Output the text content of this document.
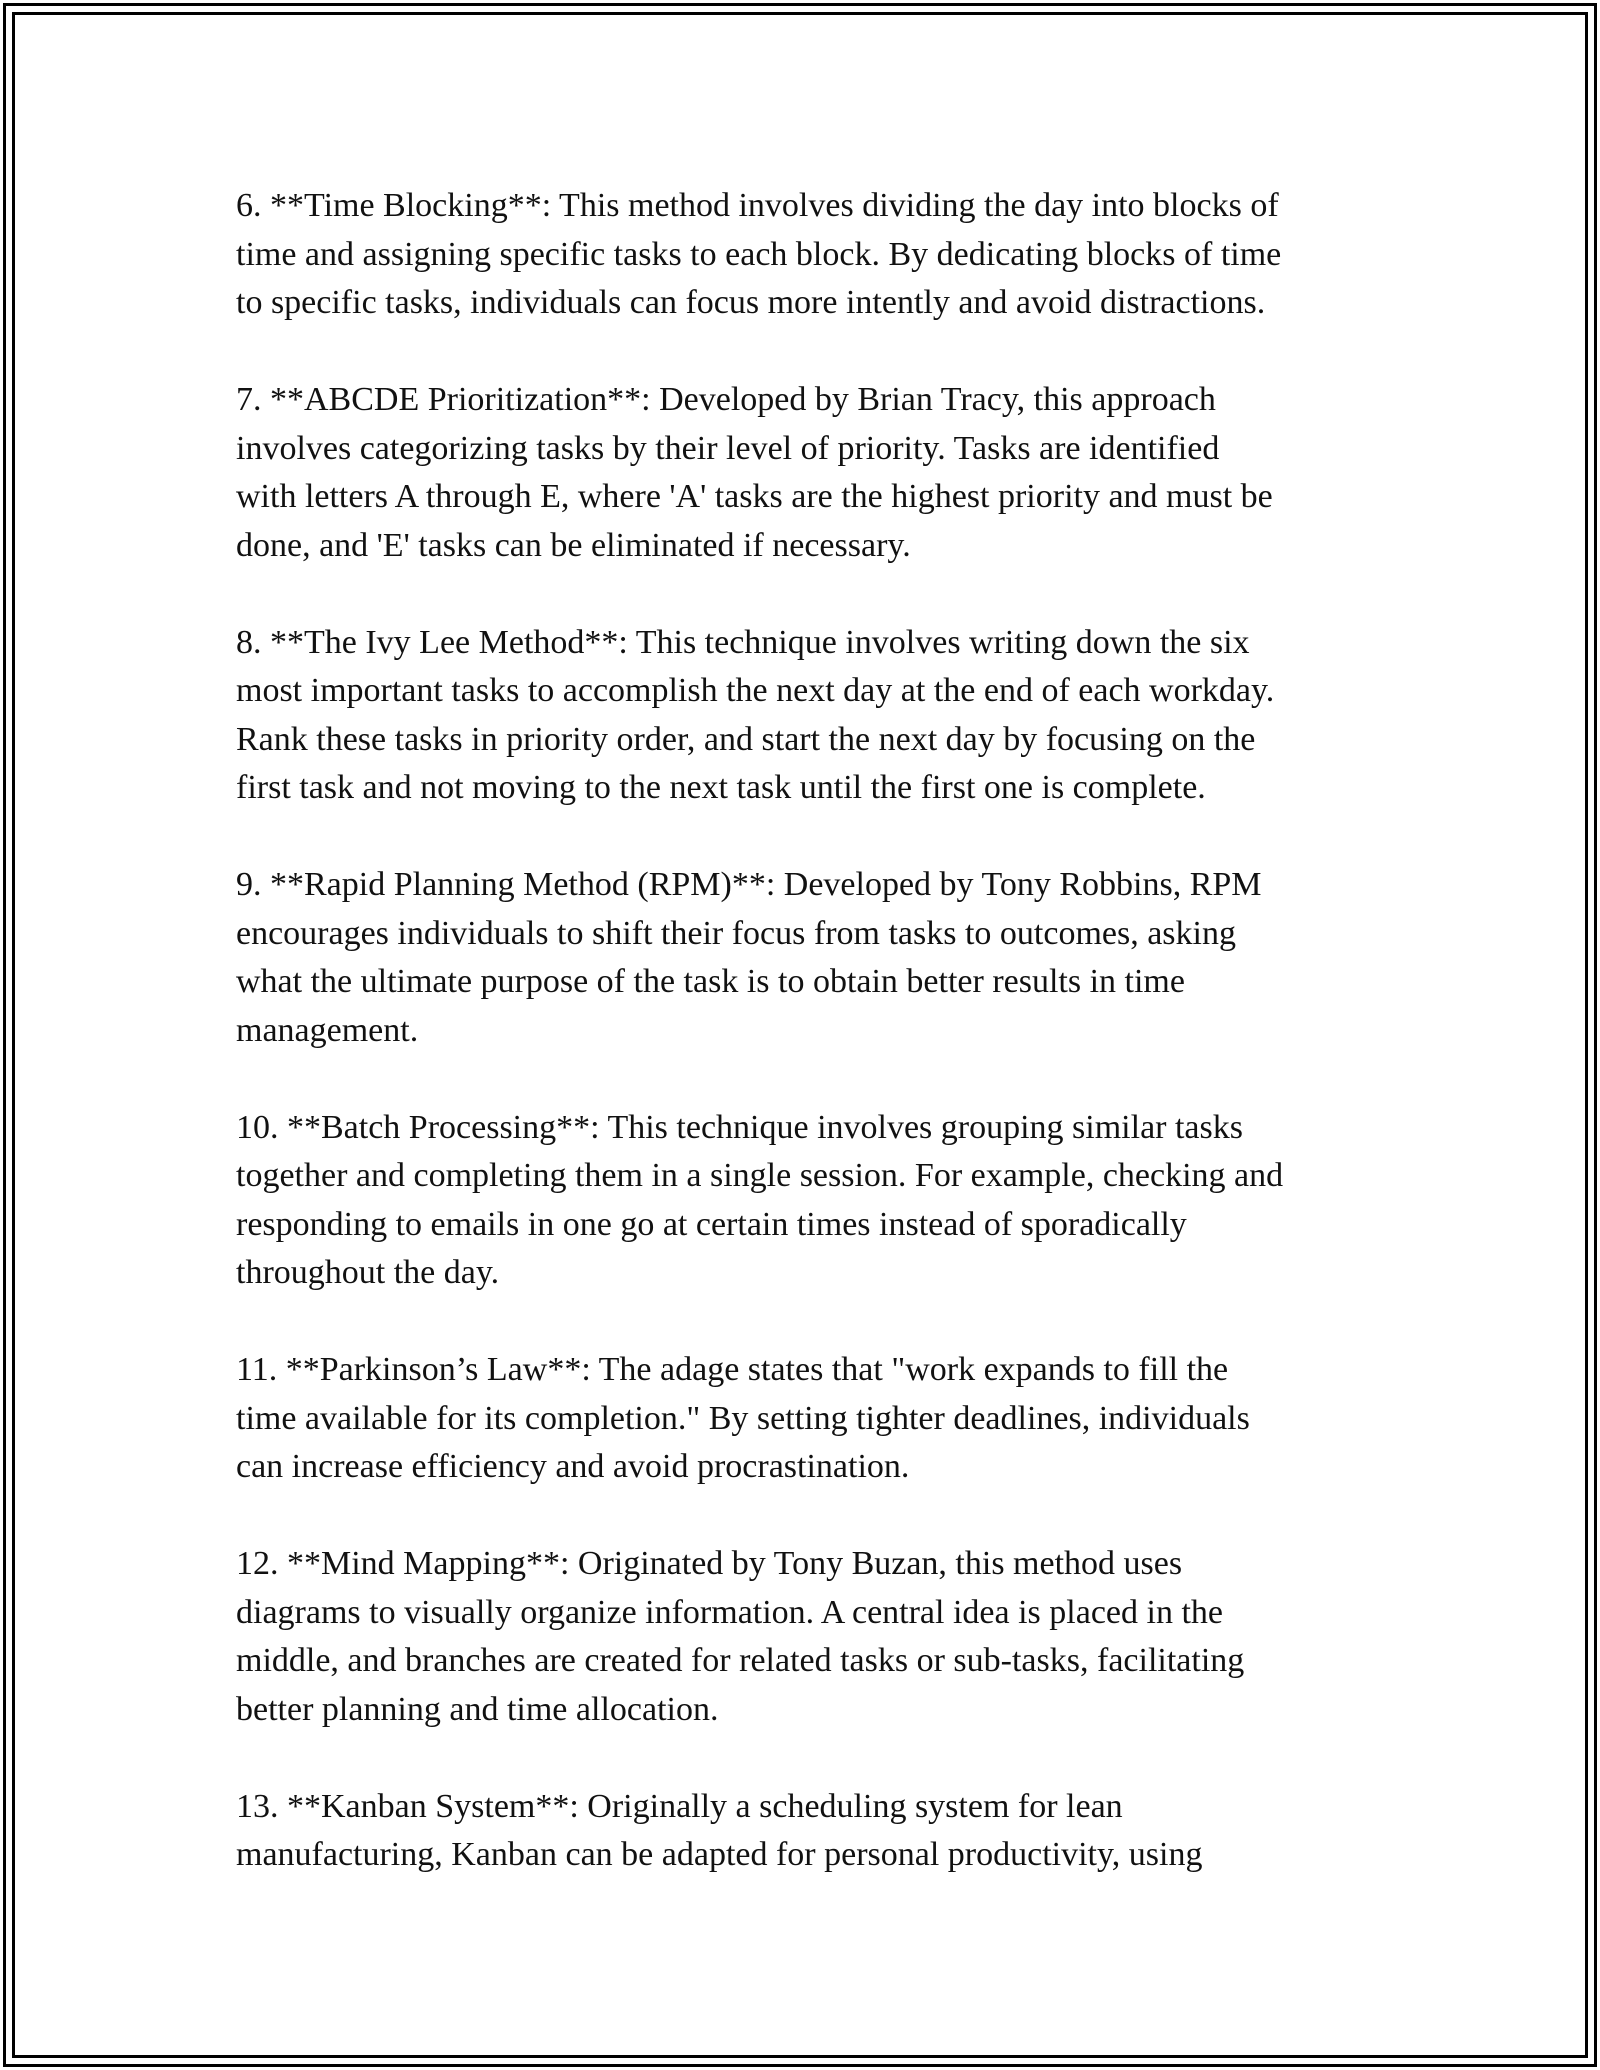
6. **Time Blocking**: This method involves dividing the day into blocks of
time and assigning specific tasks to each block. By dedicating blocks of time
to specific tasks, individuals can focus more intently and avoid distractions.

7. **ABCDE Prioritization**: Developed by Brian Tracy, this approach
involves categorizing tasks by their level of priority. Tasks are identified
with letters A through E, where 'A' tasks are the highest priority and must be
done, and 'E' tasks can be eliminated if necessary.

8. **The Ivy Lee Method**: This technique involves writing down the six
most important tasks to accomplish the next day at the end of each workday.
Rank these tasks in priority order, and start the next day by focusing on the
first task and not moving to the next task until the first one is complete.

9. **Rapid Planning Method (RPM)**: Developed by Tony Robbins, RPM
encourages individuals to shift their focus from tasks to outcomes, asking
what the ultimate purpose of the task is to obtain better results in time
management.

10. **Batch Processing**: This technique involves grouping similar tasks
together and completing them in a single session. For example, checking and
responding to emails in one go at certain times instead of sporadically
throughout the day.

11. **Parkinson’s Law**: The adage states that "work expands to fill the
time available for its completion." By setting tighter deadlines, individuals
can increase efficiency and avoid procrastination.

12. **Mind Mapping**: Originated by Tony Buzan, this method uses
diagrams to visually organize information. A central idea is placed in the
middle, and branches are created for related tasks or sub-tasks, facilitating
better planning and time allocation.

13. **Kanban System**: Originally a scheduling system for lean
manufacturing, Kanban can be adapted for personal productivity, using
